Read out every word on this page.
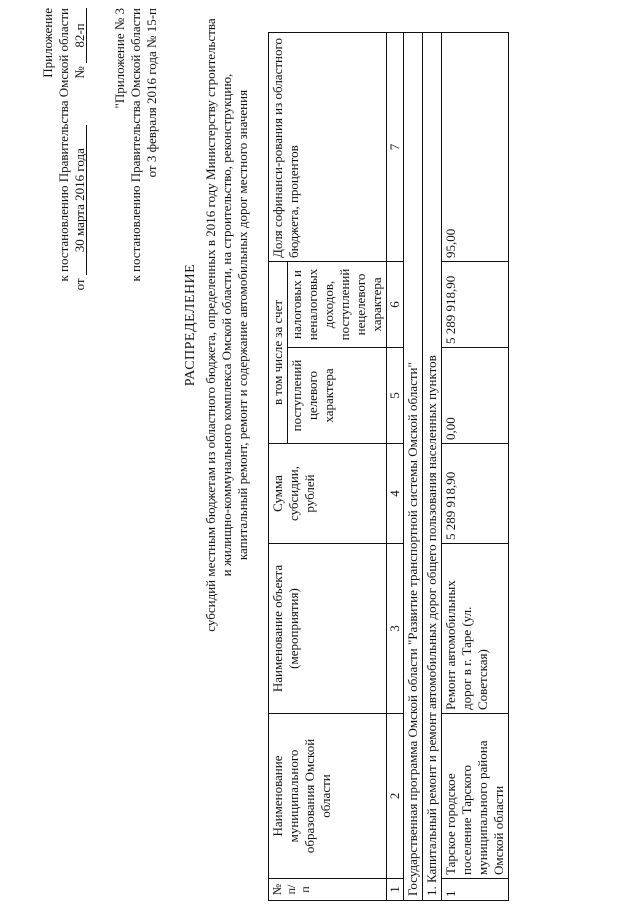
Приложение к постановлению Правительства Омской области
от 30 марта 2016 года  № 82-п "Приложение № 3 к постановлению Правительства Омской области от 3 февраля 2016 года № 15-п
РАСПРЕДЕЛЕНИЕ субсидий местным бюджетам из областного бюджета, определенных в 2016 году Министерству строительства и жилищно-коммунального комплекса Омской области, на строительство, реконструкцию, капитальный ремонт, ремонт и содержание автомобильных дорог местного значения
№ п/п	Наименование муниципального образования Омской области	Наименование объекта (мероприятия)	Сумма субсидии, рублей	в том числе за счет		Доля софинанси-рования из областного бюджета, процентов
				поступлений целевого характера	налоговых и неналоговых доходов, поступлений нецелевого характера	
1	2	3	4	5	6	7
Государственная программа Омской области "Развитие транспортной системы Омской области"						
1. Капитальный ремонт и ремонт автомобильных дорог общего пользования населенных пунктов						
1	Тарское городское поселение Тарского муниципального района Омской области	Ремонт автомобильных дорог в г. Таре (ул. Советская)	5 289 918,90	0,00	5 289 918,90	95,00
